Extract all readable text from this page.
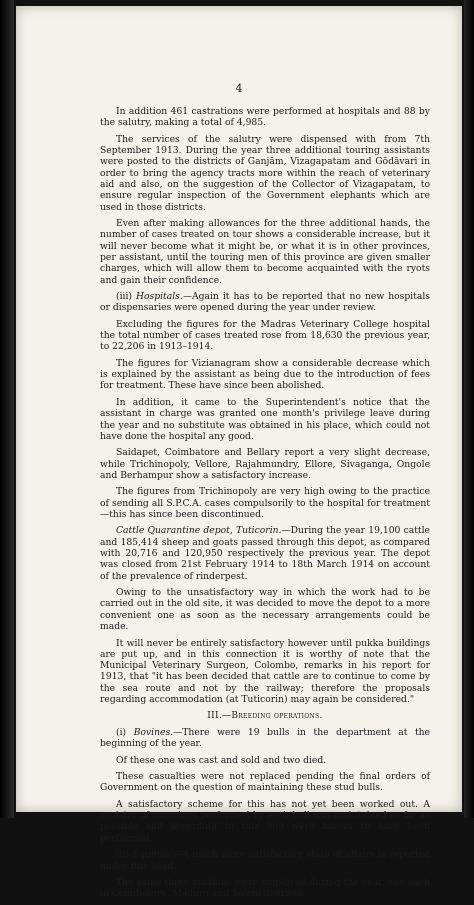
4

In addition 461 castrations were performed at hospitals and 88 by the salutry, making a total of 4,985.

The services of the salutry were dispensed with from 7th September 1913. During the year three additional touring assistants were posted to the districts of Ganjām, Vizagapatam and Gōdāvari in order to bring the agency tracts more within the reach of veterinary aid and also, on the suggestion of the Collector of Vizagapatam, to ensure regular inspection of the Government elephants which are used in those districts.

Even after making allowances for the three additional hands, the number of cases treated on tour shows a considerable increase, but it will never become what it might be, or what it is in other provinces, per assistant, until the touring men of this province are given smaller charges, which will allow them to become acquainted with the ryots and gain their confidence.

(iii) Hospitals.—Again it has to be reported that no new hospitals or dispensaries were opened during the year under review.

Excluding the figures for the Madras Veterinary College hospital the total number of cases treated rose from 18,630 the previous year, to 22,206 in 1913–1914.

The figures for Vizianagram show a considerable decrease which is explained by the assistant as being due to the introduction of fees for treatment. These have since been abolished.

In addition, it came to the Superintendent's notice that the assistant in charge was granted one month's privilege leave during the year and no substitute was obtained in his place, which could not have done the hospital any good.

Saidapet, Coimbatore and Bellary report a very slight decrease, while Trichinopoly, Vellore, Rajahmundry, Ellore, Sivaganga, Ongole and Berhampur show a satisfactory increase.

The figures from Trichinopoly are very high owing to the practice of sending all S.P.C.A. cases compulsorily to the hospital for treatment—this has since been discontinued.

Cattle Quarantine depot, Tuticorin.—During the year 19,100 cattle and 185,414 sheep and goats passed through this depot, as compared with 20,716 and 120,950 respectively the previous year. The depot was closed from 21st February 1914 to 18th March 1914 on account of the prevalence of rinderpest.

Owing to the unsatisfactory way in which the work had to be carried out in the old site, it was decided to move the depot to a more convenient one as soon as the necessary arrangements could be made.

It will never be entirely satisfactory however until pukka buildings are put up, and in this connection it is worthy of note that the Municipal Veterinary Surgeon, Colombo, remarks in his report for 1913, that "it has been decided that cattle are to continue to come by the sea route and not by the railway; therefore the proposals regarding accommodation (at Tuticorin) may again be considered."

III.—Breeding operations.

(i) Bovines.—There were 19 bulls in the department at the beginning of the year.

Of these one was cast and sold and two died.

These casualties were not replaced pending the final orders of Government on the question of maintaining these stud bulls.

A satisfactory scheme for this has not yet been worked out. A register of coverings performed by each bull was maintained as far as possible and according to this 500 were known to have been performed.

(ii) Equines.—A much more satisfactory state of affairs is reported under this head.

The same three stallions were employed during the year, one each in Coimbatore, Madura and Salem districts.
